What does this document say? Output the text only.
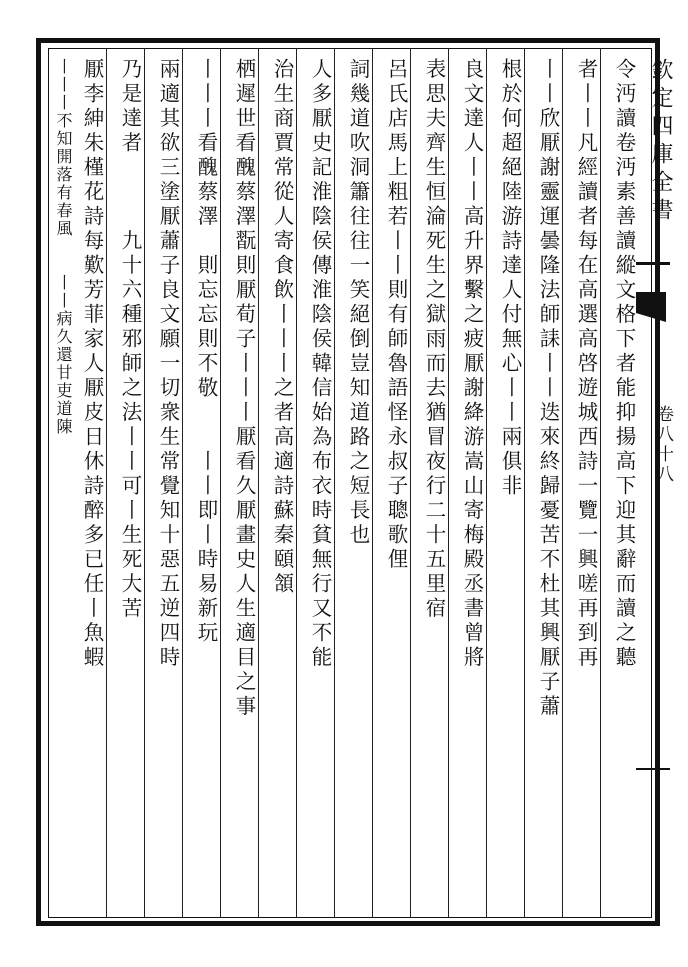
令沔讀卷沔素善讀縱文格下者能抑揚高下迎其辭而讀之聽
者丨丨凡經讀者每在高選高啓遊城西詩一覽一興嗟再到再
丨丨欣厭謝靈運曇隆法師誄丨丨迭來終歸憂苦不杜其興厭子蕭
根於何超絕陸游詩達人付無心丨丨兩俱非
良文達人丨丨高升界繫之疲厭謝絳游嵩山寄梅殿丞書曾將
表思夫齊生恒淪死生之獄雨而去猶冒夜行二十五里宿
呂氏店馬上粗若丨丨則有師魯語怪永叔子聰歌俚
詞幾道吹洞簫往往一笑絕倒豈知道路之短長也
人多厭史記淮陰侯傳淮陰侯韓信始為布衣時貧無行又不能
治生商賈常從人寄食飲丨丨丨之者高適詩蘇秦頤頷
栖遲世看醜蔡澤翫則厭荀子丨丨丨厭看久厭畫史人生適目之事
丨丨丨看醜蔡澤　則忘忘則不敬　　丨丨即丨時易新玩
兩適其欲三塗厭蕭子良文願一切衆生常覺知十惡五逆四時
乃是達者　　　九十六種邪師之法丨丨可丨生死大苦
厭李紳朱槿花詩每歎芳菲家人厭皮日休詩醉多已任丨魚蝦	欽定四庫全書
卷八十八
丨丨丨不知開落有春風　　丨丨病久還甘吏道陳
